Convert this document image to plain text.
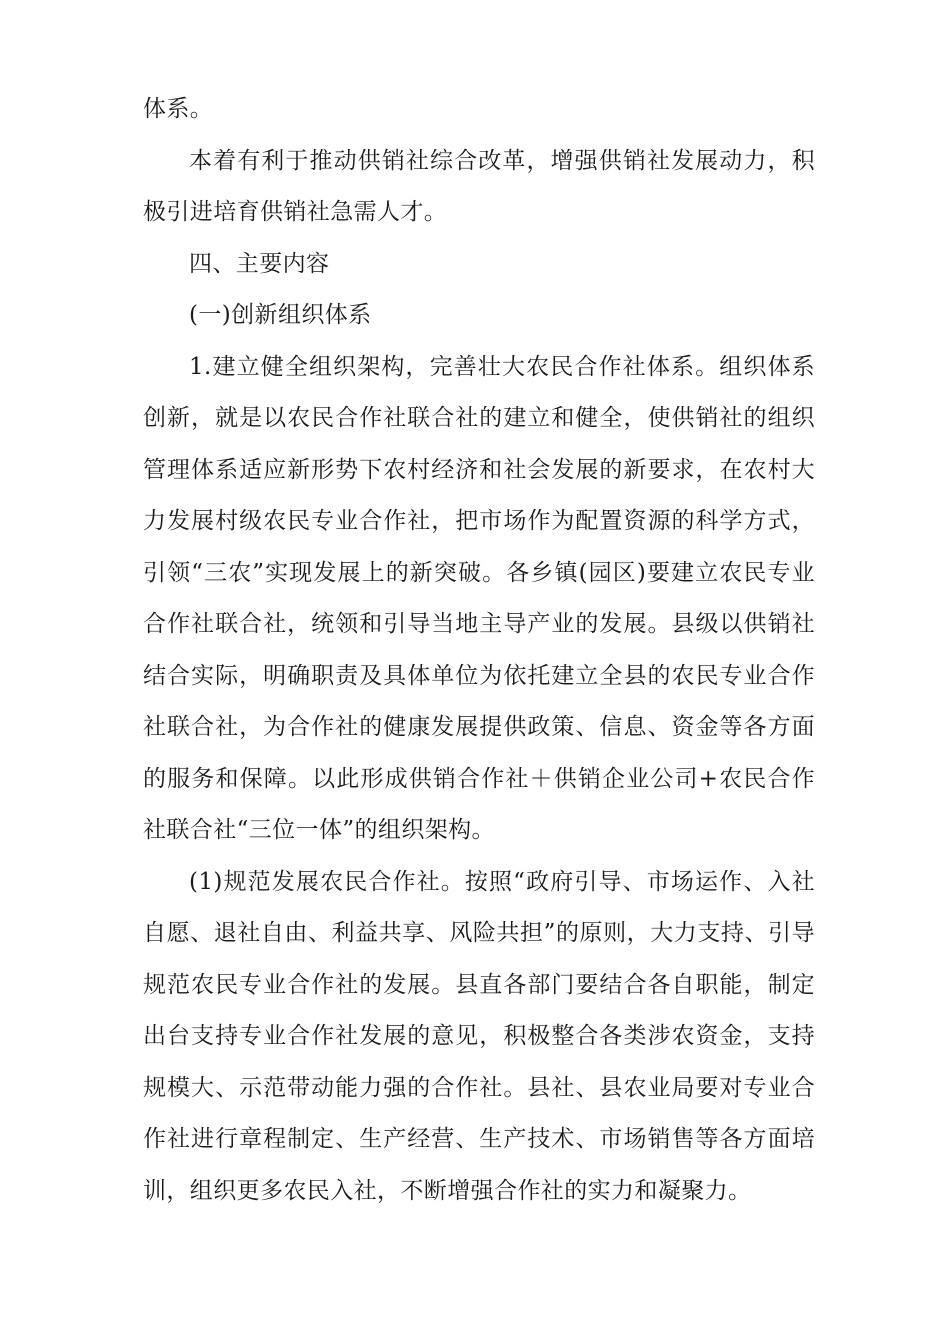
体系。

本着有利于推动供销社综合改革，增强供销社发展动力，积极引进培育供销社急需人才。

四、主要内容

(一)创新组织体系

1.建立健全组织架构，完善壮大农民合作社体系。组织体系创新，就是以农民合作社联合社的建立和健全，使供销社的组织管理体系适应新形势下农村经济和社会发展的新要求，在农村大力发展村级农民专业合作社，把市场作为配置资源的科学方式，引领“三农”实现发展上的新突破。各乡镇(园区)要建立农民专业合作社联合社，统领和引导当地主导产业的发展。县级以供销社结合实际，明确职责及具体单位为依托建立全县的农民专业合作社联合社，为合作社的健康发展提供政策、信息、资金等各方面的服务和保障。以此形成供销合作社＋供销企业公司+农民合作社联合社“三位一体”的组织架构。

(1)规范发展农民合作社。按照“政府引导、市场运作、入社自愿、退社自由、利益共享、风险共担”的原则，大力支持、引导规范农民专业合作社的发展。县直各部门要结合各自职能，制定出台支持专业合作社发展的意见，积极整合各类涉农资金，支持规模大、示范带动能力强的合作社。县社、县农业局要对专业合作社进行章程制定、生产经营、生产技术、市场销售等各方面培训，组织更多农民入社，不断增强合作社的实力和凝聚力。
